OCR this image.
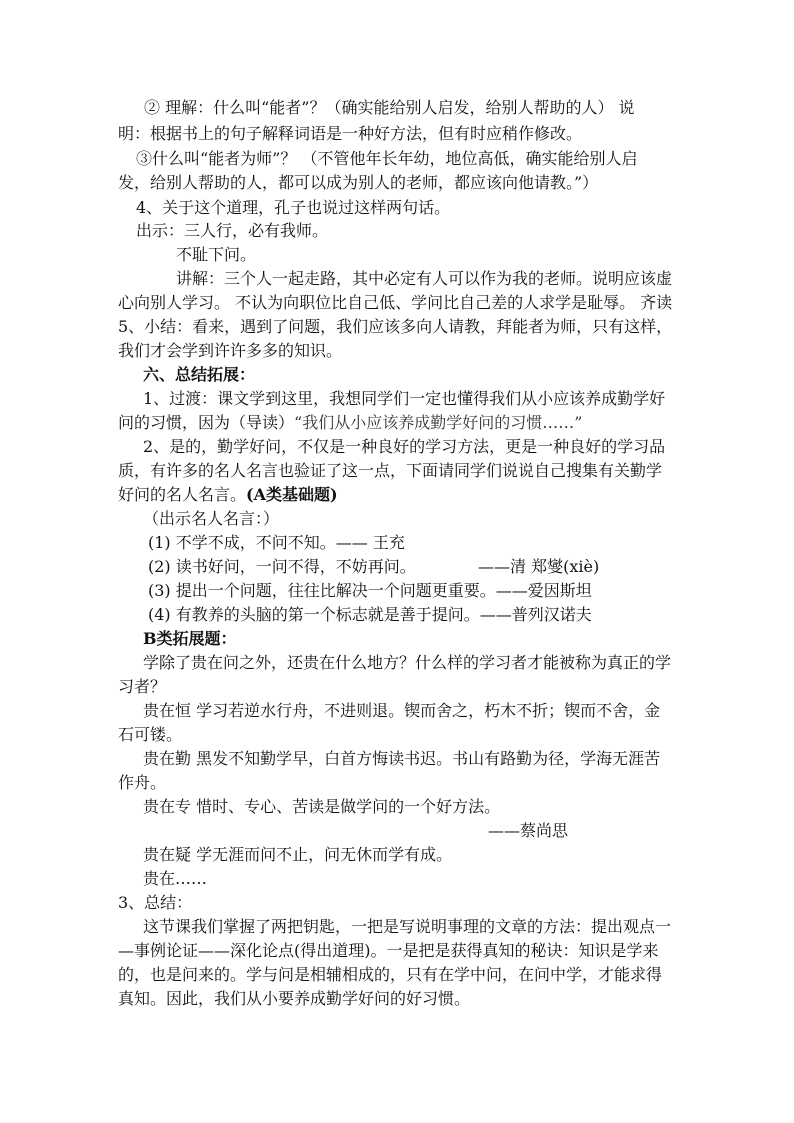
② 理解：什么叫“能者”？（确实能给别人启发，给别人帮助的人） 说
明：根据书上的句子解释词语是一种好方法，但有时应稍作修改。
③什么叫“能者为师”？ （不管他年长年幼，地位高低，确实能给别人启
发，给别人帮助的人，都可以成为别人的老师，都应该向他请教。”）
4、关于这个道理，孔子也说过这样两句话。
出示：三人行，必有我师。
不耻下问。
讲解：三个人一起走路，其中必定有人可以作为我的老师。说明应该虚
心向别人学习。 不认为向职位比自己低、学问比自己差的人求学是耻辱。 齐读
5、小结：看来，遇到了问题，我们应该多向人请教，拜能者为师，只有这样，
我们才会学到许许多多的知识。
六、总结拓展：
1、过渡：课文学到这里，我想同学们一定也懂得我们从小应该养成勤学好
问的习惯，因为（导读）“我们从小应该养成勤学好问的习惯……”
2、是的，勤学好问，不仅是一种良好的学习方法，更是一种良好的学习品
质，有许多的名人名言也验证了这一点，下面请同学们说说自己搜集有关勤学
好问的名人名言。(A类基础题)
（出示名人名言：）
(1) 不学不成，不问不知。—— 王充
(2) 读书好问，一问不得，不妨再问。	——清 郑燮(xiè)
(3) 提出一个问题，往往比解决一个问题更重要。——爱因斯坦
(4) 有教养的头脑的第一个标志就是善于提问。——普列汉诺夫
B类拓展题：
学除了贵在问之外，还贵在什么地方？什么样的学习者才能被称为真正的学
习者？
贵在恒 学习若逆水行舟，不进则退。锲而舍之，朽木不折；锲而不舍，金
石可镂。
贵在勤 黑发不知勤学早，白首方悔读书迟。书山有路勤为径，学海无涯苦
作舟。
贵在专 惜时、专心、苦读是做学问的一个好方法。
——蔡尚思
贵在疑 学无涯而问不止，问无休而学有成。
贵在……
3、总结：
这节课我们掌握了两把钥匙，一把是写说明事理的文章的方法：提出观点一
—事例论证——深化论点(得出道理)。一是把是获得真知的秘诀：知识是学来
的，也是问来的。学与问是相辅相成的，只有在学中问，在问中学，才能求得
真知。因此，我们从小要养成勤学好问的好习惯。
